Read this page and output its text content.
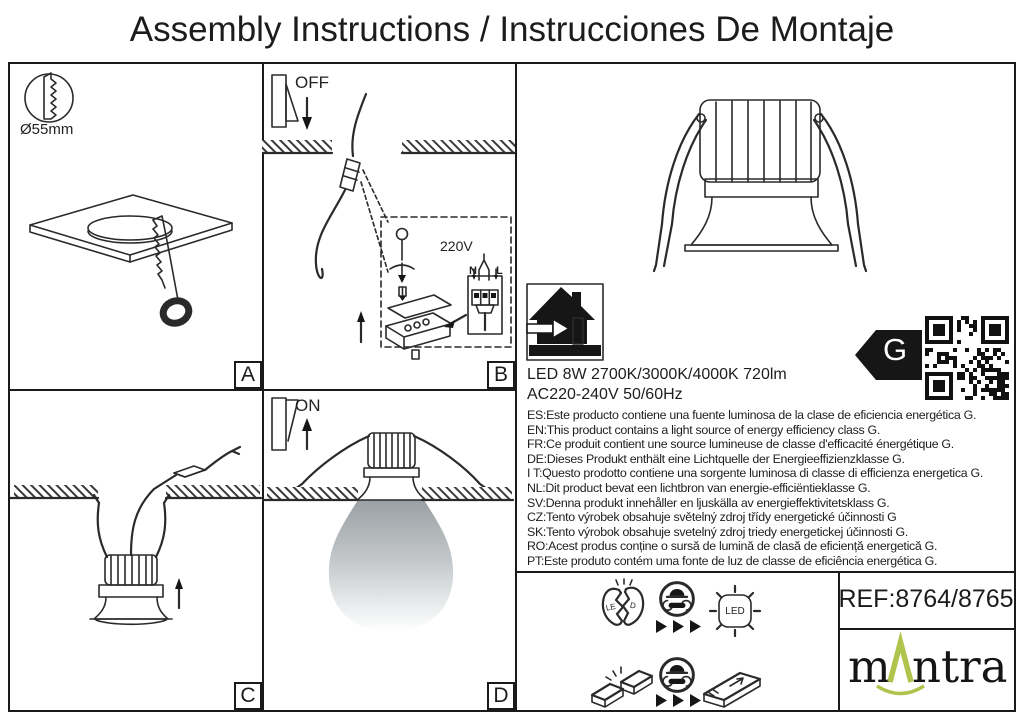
Assembly Instructions / Instrucciones De Montaje
Ø55mm
A
OFF
220V
N L
B
C
ON
D
LED 8W 2700K/3000K/4000K 720lm
AC220-240V 50/60Hz
G
ES:Este producto contiene una fuente luminosa de la clase de eficiencia energética G.
EN:This product contains a light source of energy efficiency class G.
FR:Ce produit contient une source lumineuse de classe d'efficacité énergétique G.
DE:Dieses Produkt enthält eine Lichtquelle der Energieeffizienzklasse G.
I T:Questo prodotto contiene una sorgente luminosa di classe di efficienza energetica G.
NL:Dit product bevat een lichtbron van energie-efficiëntieklasse G.
SV:Denna produkt innehåller en ljuskälla av energieffektivitetsklass G.
CZ:Tento výrobek obsahuje světelný zdroj třídy energetické účinnosti G
SK:Tento výrobok obsahuje svetelný zdroj triedy energetickej účinnosti G.
RO:Acest produs conține o sursă de lumină de clasă de eficiență energetică G.
PT:Este produto contém uma fonte de luz de classe de eficiência energética G.
LE D
LED	REF:8764/8765
m ntra
